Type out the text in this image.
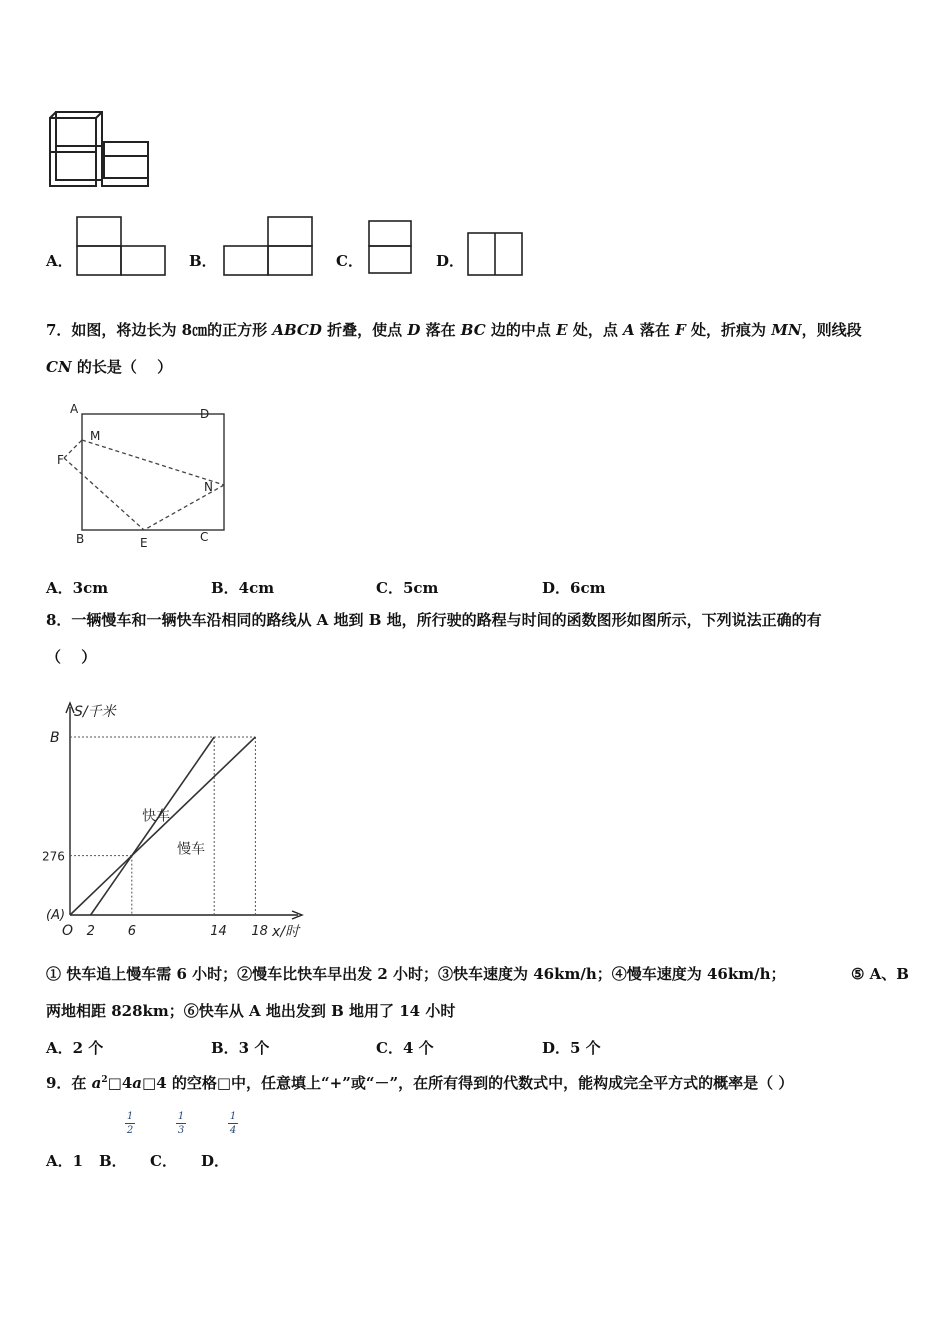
A．	B．	C．	D．
7．如图，将边长为 8㎝的正方形 ABCD 折叠，使点 D 落在 BC 边的中点 E 处，点 A 落在 F 处，折痕为 MN，则线段
CN 的长是（　 ）
A	D
M
F
N
B	E	C
A．3cm	B．4cm	C．5cm	D．6cm
8．一辆慢车和一辆快车沿相同的路线从 A 地到 B 地，所行驶的路程与时间的函数图形如图所示，下列说法正确的有
（　 ）
S/千米
x/时
O
(A)
快车
慢车
2	6	14 18
276
B
① 快车追上慢车需 6 小时；②慢车比快车早出发 2 小时；③快车速度为 46km/h；④慢车速度为 46km/h；	⑤ A、B
两地相距 828km；⑥快车从 A 地出发到 B 地用了 14 小时
A．2 个	B．3 个	C．4 个	D．5 个
9．在 $a^2□4a□4$ 的空格□中，任意填上“+”或“－”，在所有得到的代数式中，能构成完全平方式的概率是（ ）
1
2
1
3
1
4
A．1 B． C． D．
